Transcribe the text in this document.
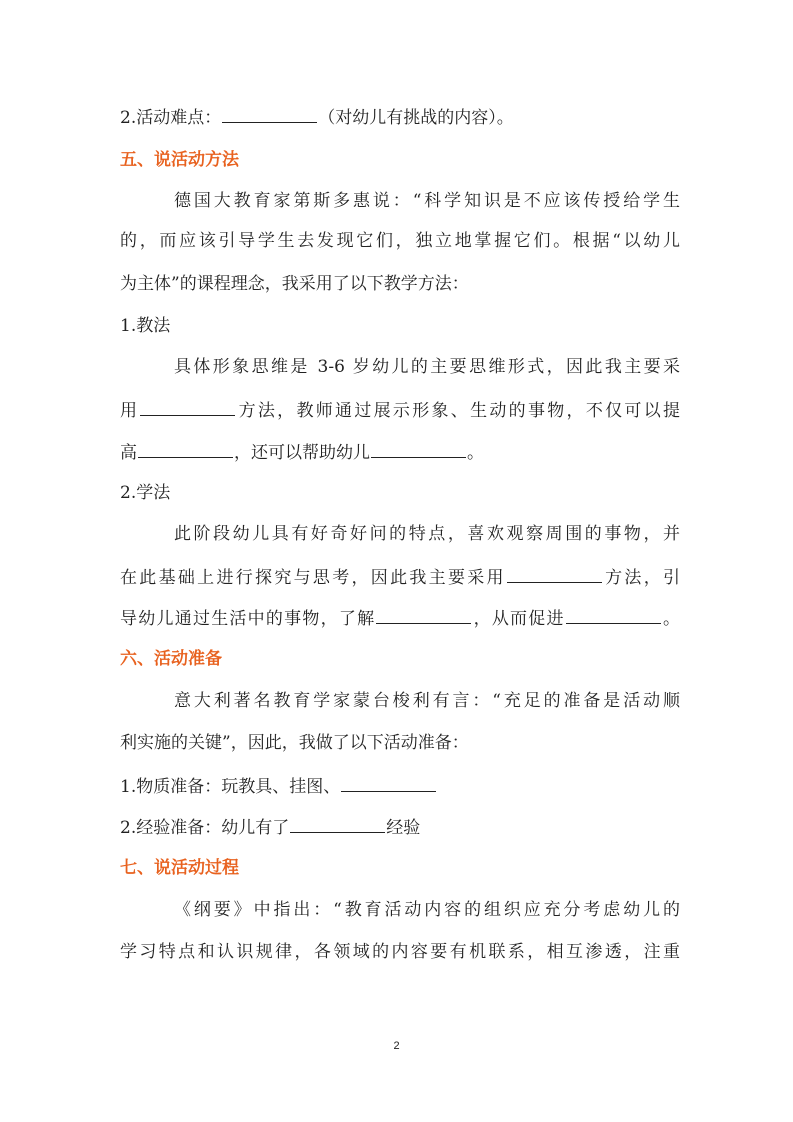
2.活动难点：	（对幼儿有挑战的内容）。
五、说活动方法
德国大教育家第斯多惠说：“科学知识是不应该传授给学生
的，而应该引导学生去发现它们，独立地掌握它们。根据“以幼儿
为主体”的课程理念，我采用了以下教学方法：
1.教法
具体形象思维是 3-6 岁幼儿的主要思维形式，因此我主要采
用	方法，教师通过展示形象、生动的事物，不仅可以提
高	，还可以帮助幼儿	。
2.学法
此阶段幼儿具有好奇好问的特点，喜欢观察周围的事物，并
在此基础上进行探究与思考，因此我主要采用	方法，引
导幼儿通过生活中的事物，了解	，从而促进	。
六、活动准备
意大利著名教育学家蒙台梭利有言：“充足的准备是活动顺
利实施的关键”，因此，我做了以下活动准备：
1.物质准备：玩教具、挂图、
2.经验准备：幼儿有了	经验
七、说活动过程
《纲要》中指出：“教育活动内容的组织应充分考虑幼儿的
学习特点和认识规律，各领域的内容要有机联系，相互渗透，注重
2
